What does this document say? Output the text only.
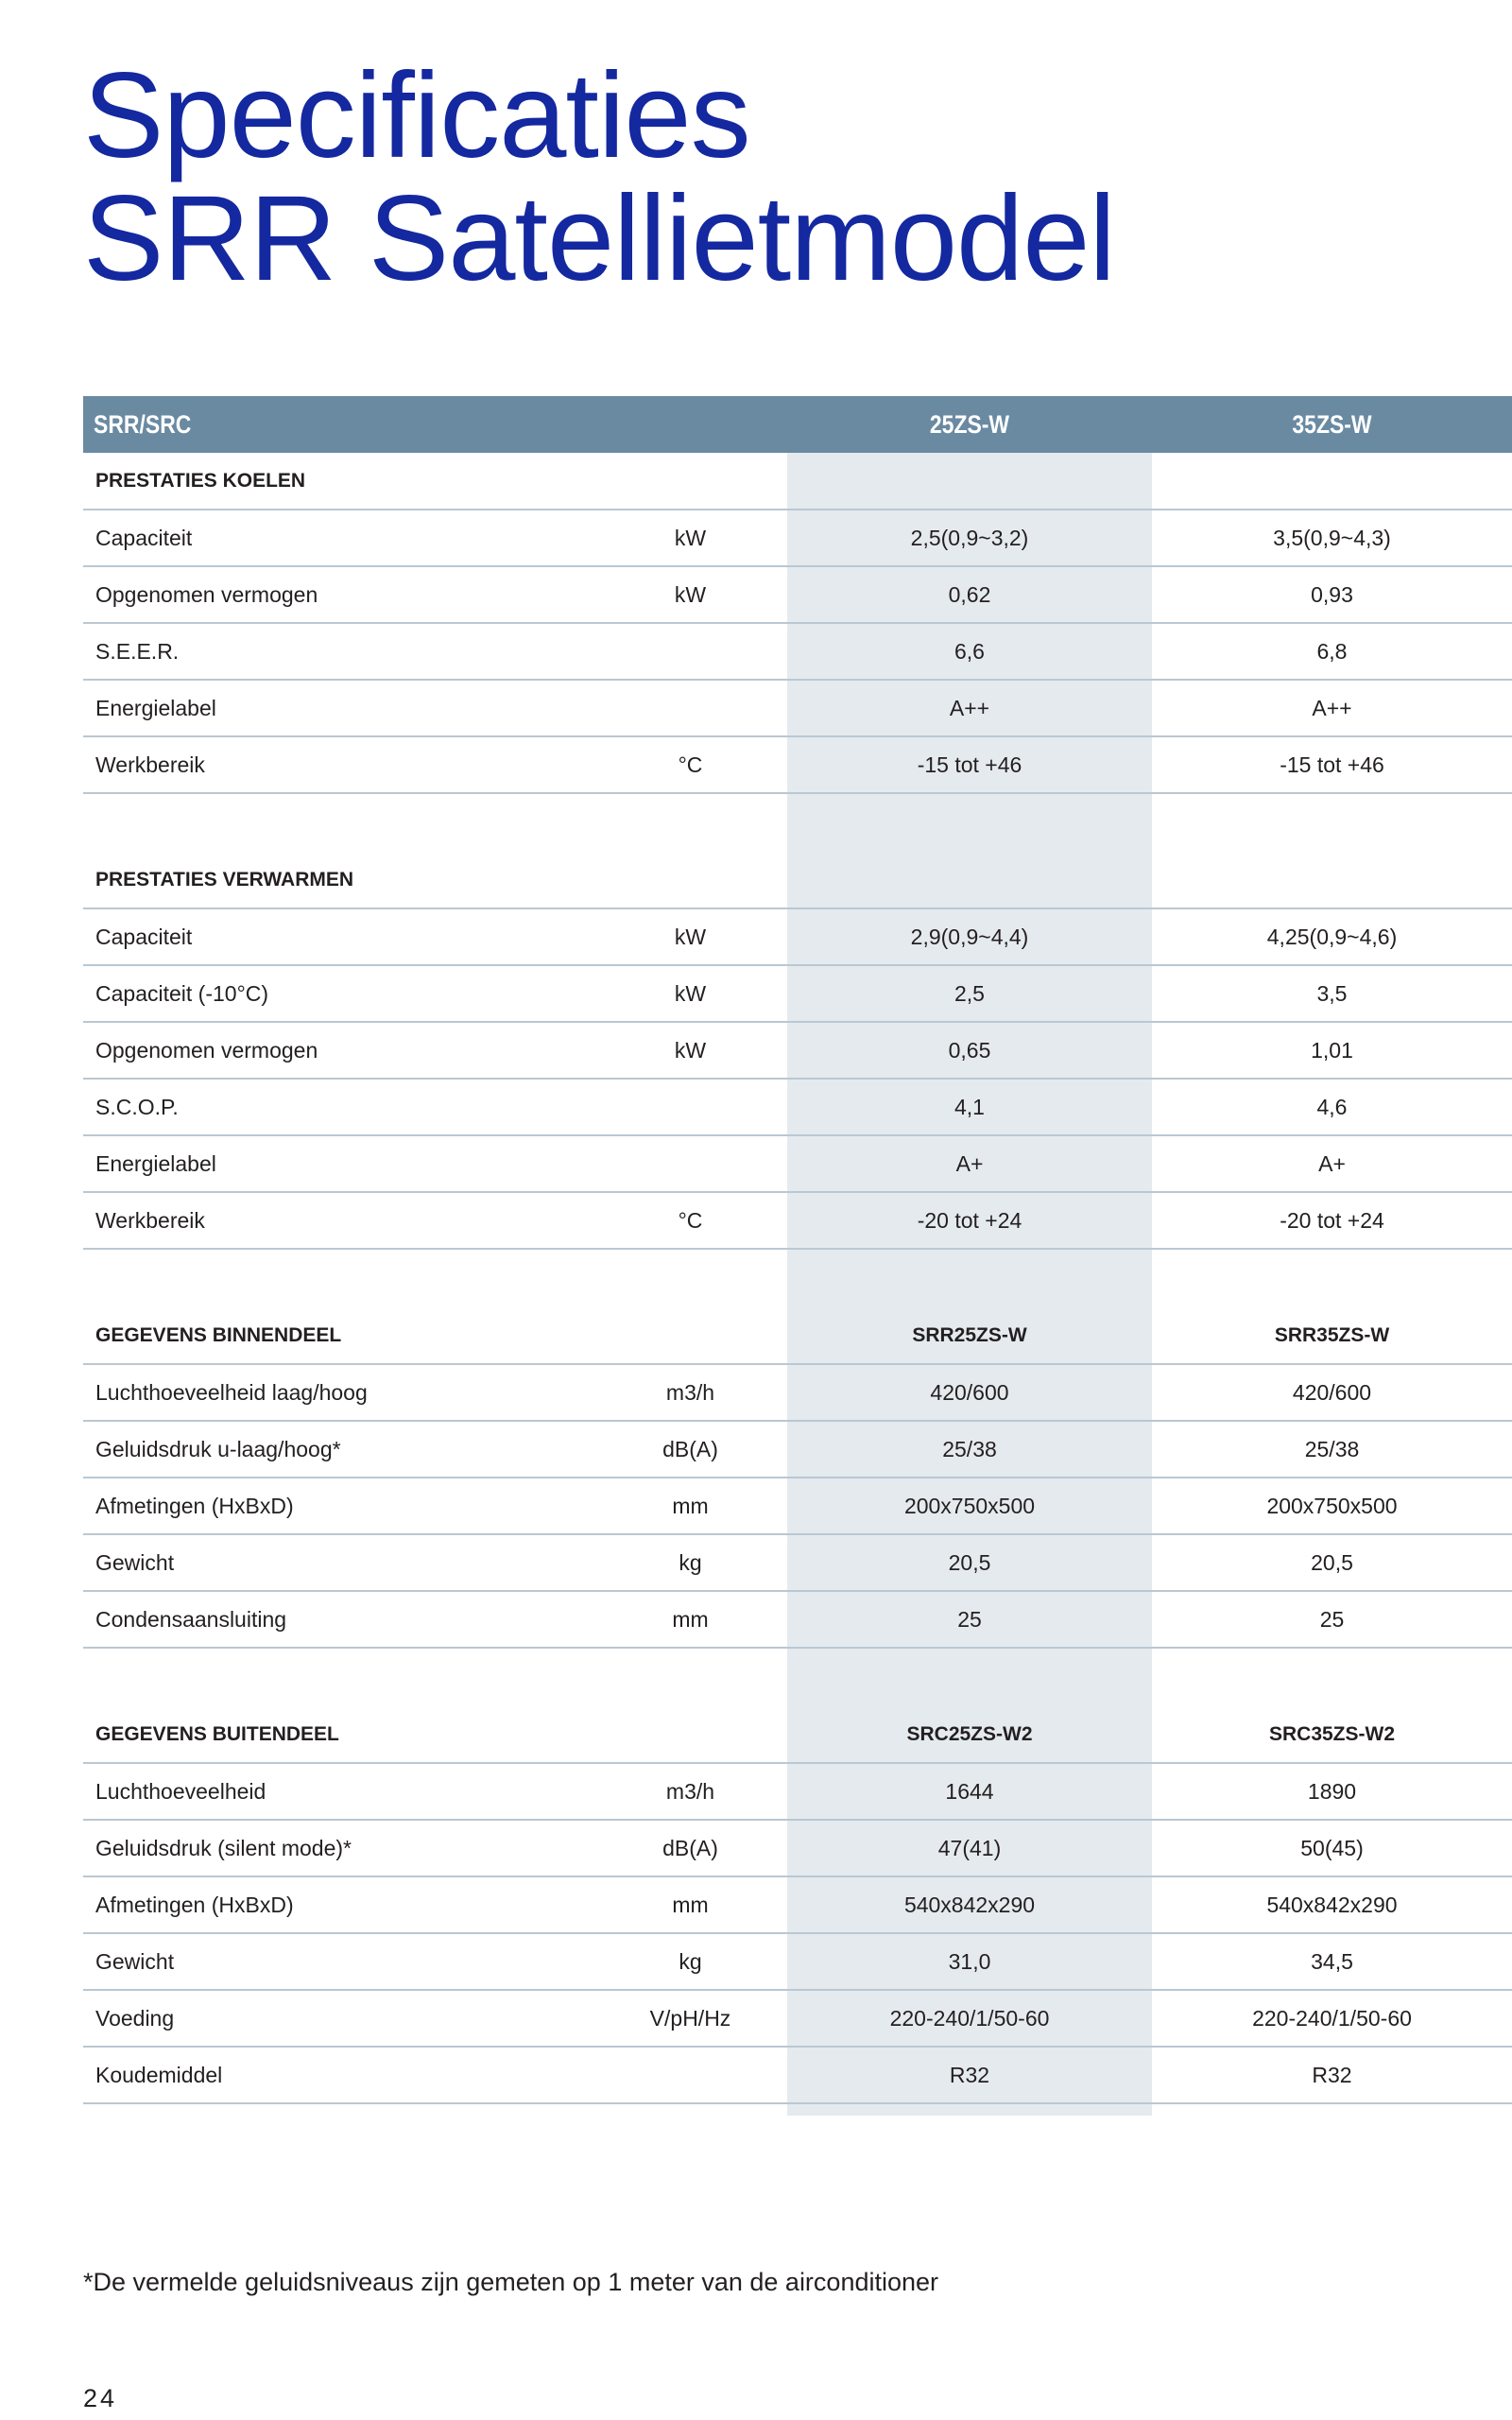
Specificaties
SRR Satellietmodel
SRR/SRC		25ZS-W	35ZS-W
PRESTATIES KOELEN			
Capaciteit	kW	2,5(0,9~3,2)	3,5(0,9~4,3)
Opgenomen vermogen	kW	0,62	0,93
S.E.E.R.		6,6	6,8
Energielabel		A++	A++
Werkbereik	°C	-15 tot +46	-15 tot +46

PRESTATIES VERWARMEN			
Capaciteit	kW	2,9(0,9~4,4)	4,25(0,9~4,6)
Capaciteit (-10°C)	kW	2,5	3,5
Opgenomen vermogen	kW	0,65	1,01
S.C.O.P.		4,1	4,6
Energielabel		A+	A+
Werkbereik	°C	-20 tot +24	-20 tot +24

GEGEVENS BINNENDEEL		SRR25ZS-W	SRR35ZS-W
Luchthoeveelheid laag/hoog	m3/h	420/600	420/600
Geluidsdruk u-laag/hoog*	dB(A)	25/38	25/38
Afmetingen (HxBxD)	mm	200x750x500	200x750x500
Gewicht	kg	20,5	20,5
Condensaansluiting	mm	25	25

GEGEVENS BUITENDEEL		SRC25ZS-W2	SRC35ZS-W2
Luchthoeveelheid	m3/h	1644	1890
Geluidsdruk (silent mode)*	dB(A)	47(41)	50(45)
Afmetingen (HxBxD)	mm	540x842x290	540x842x290
Gewicht	kg	31,0	34,5
Voeding	V/pH/Hz	220-240/1/50-60	220-240/1/50-60
Koudemiddel		R32	R32
*De vermelde geluidsniveaus zijn gemeten op 1 meter van de airconditioner
24
